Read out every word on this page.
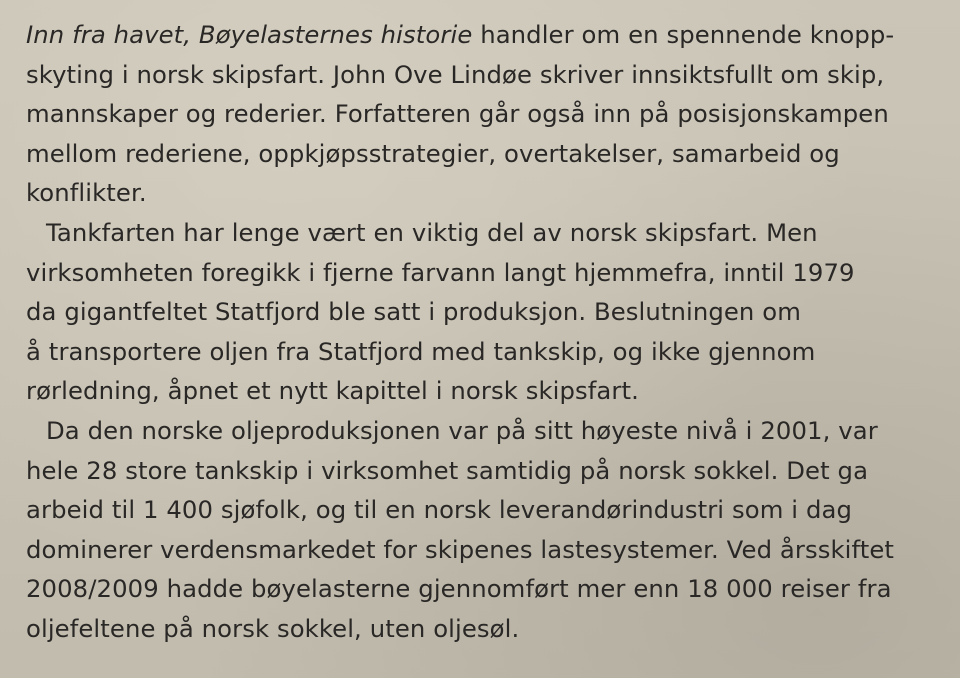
Inn fra havet, Bøyelasternes historie handler om en spennende knopp-
skyting i norsk skipsfart. John Ove Lindøe skriver innsiktsfullt om skip,
mannskaper og rederier. Forfatteren går også inn på posisjonskampen
mellom rederiene, oppkjøpsstrategier, overtakelser, samarbeid og
konflikter.

Tankfarten har lenge vært en viktig del av norsk skipsfart. Men
virksomheten foregikk i fjerne farvann langt hjemmefra, inntil 1979
da gigantfeltet Statfjord ble satt i produksjon. Beslutningen om
å transportere oljen fra Statfjord med tankskip, og ikke gjennom
rørledning, åpnet et nytt kapittel i norsk skipsfart.

Da den norske oljeproduksjonen var på sitt høyeste nivå i 2001, var
hele 28 store tankskip i virksomhet samtidig på norsk sokkel. Det ga
arbeid til 1 400 sjøfolk, og til en norsk leverandørindustri som i dag
dominerer verdensmarkedet for skipenes lastesystemer. Ved årsskiftet
2008/2009 hadde bøyelasterne gjennomført mer enn 18 000 reiser fra
oljefeltene på norsk sokkel, uten oljesøl.
